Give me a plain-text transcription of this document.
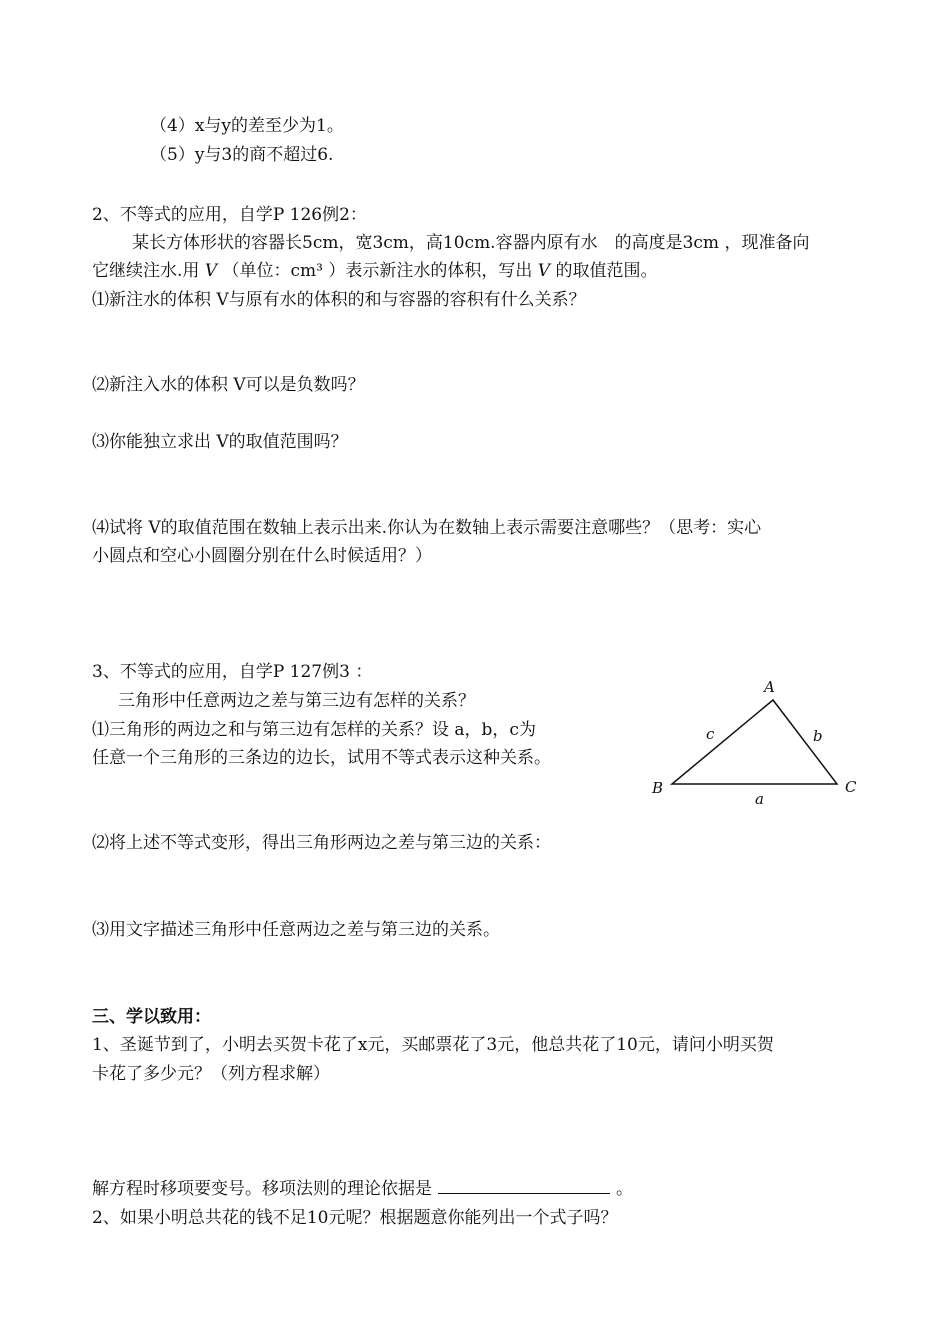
（4）x与y的差至少为1。
（5）y与3的商不超过6.
2、不等式的应用，自学P 126例2：
某长方体形状的容器长5cm，宽3cm，高10cm.容器内原有水　的高度是3cm ，现准备向
它继续注水.用 V （单位：cm³ ）表示新注水的体积，写出 V 的取值范围。
⑴新注水的体积 V与原有水的体积的和与容器的容积有什么关系？
⑵新注入水的体积 V可以是负数吗？
⑶你能独立求出 V的取值范围吗？
⑷试将 V的取值范围在数轴上表示出来.你认为在数轴上表示需要注意哪些？（思考：实心
小圆点和空心小圆圈分别在什么时候适用？）
3、不等式的应用，自学P 127例3 ：
三角形中任意两边之差与第三边有怎样的关系？
⑴三角形的两边之和与第三边有怎样的关系？设 a，b，c为
任意一个三角形的三条边的边长，试用不等式表示这种关系。
A
B	C
a
b
c
⑵将上述不等式变形，得出三角形两边之差与第三边的关系：
⑶用文字描述三角形中任意两边之差与第三边的关系。
三、学以致用：
1、圣诞节到了，小明去买贺卡花了x元，买邮票花了3元，他总共花了10元，请问小明买贺
卡花了多少元？（列方程求解）
解方程时移项要变号。移项法则的理论依据是	。
2、如果小明总共花的钱不足10元呢？根据题意你能列出一个式子吗？
